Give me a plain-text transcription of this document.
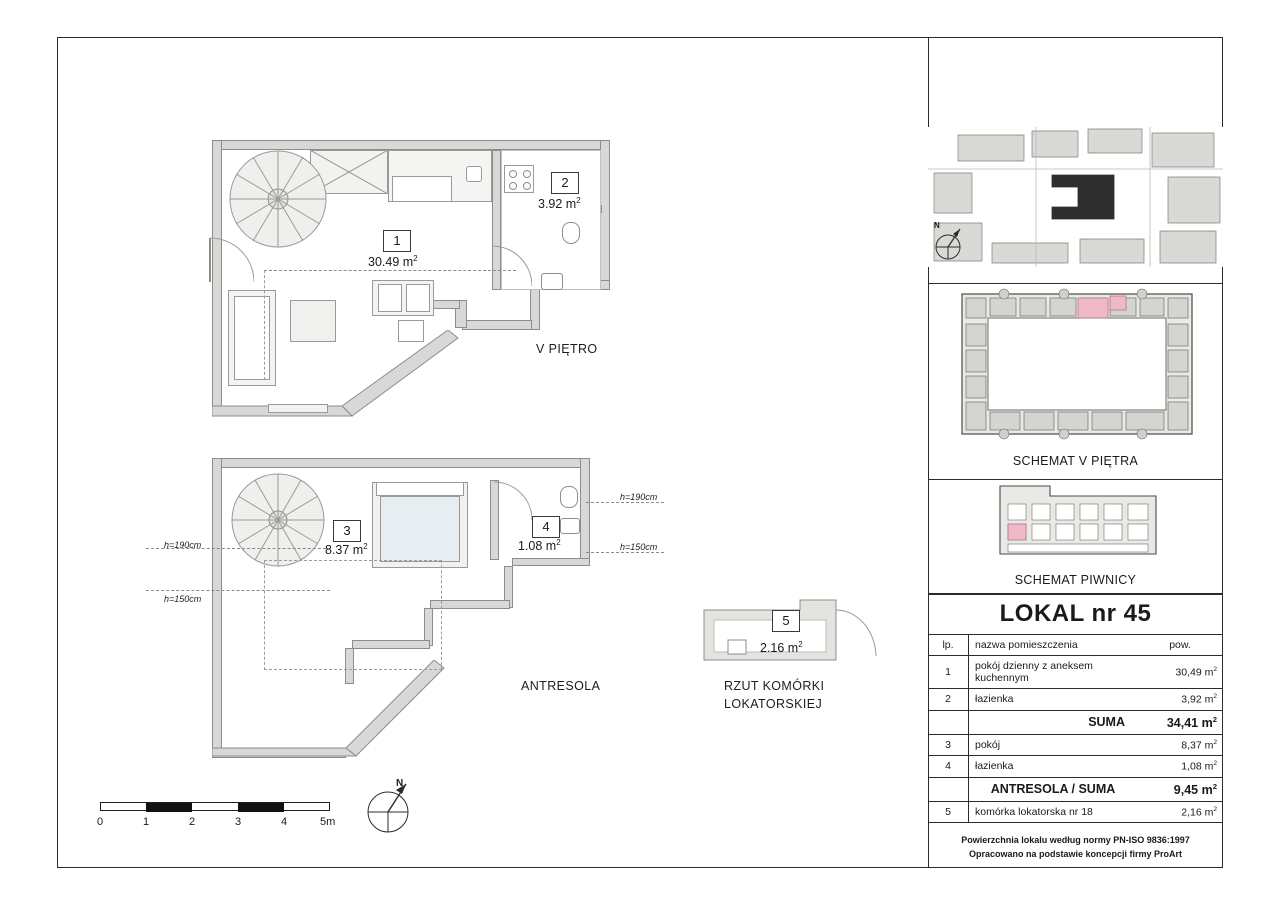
1
30.49 $m^2$
2
3.92 $m^2$
V PIĘTRO
h=190cm
h=150cm
h=190cm
h=150cm
3
8.37 $m^2$
4
1.08 $m^2$
ANTRESOLA
5
2.16 $m^2$
RZUT KOMÓRKI
LOKATORSKIEJ
0	1	2	3	4	5m
N
N
SCHEMAT V PIĘTRA
SCHEMAT PIWNICY
LOKAL nr 45
lp.	nazwa pomieszczenia	pow.
1	pokój dzienny z aneksem kuchennym	30,49 $m^2$
2	łazienka	3,92 $m^2$
	SUMA	34,41 $m^2$
3	pokój	8,37 $m^2$
4	łazienka	1,08 $m^2$
	ANTRESOLA / SUMA	9,45 $m^2$
5	komórka lokatorska nr 18	2,16 $m^2$
Powierzchnia lokalu według normy PN-ISO 9836:1997
Opracowano na podstawie koncepcji firmy ProArt
